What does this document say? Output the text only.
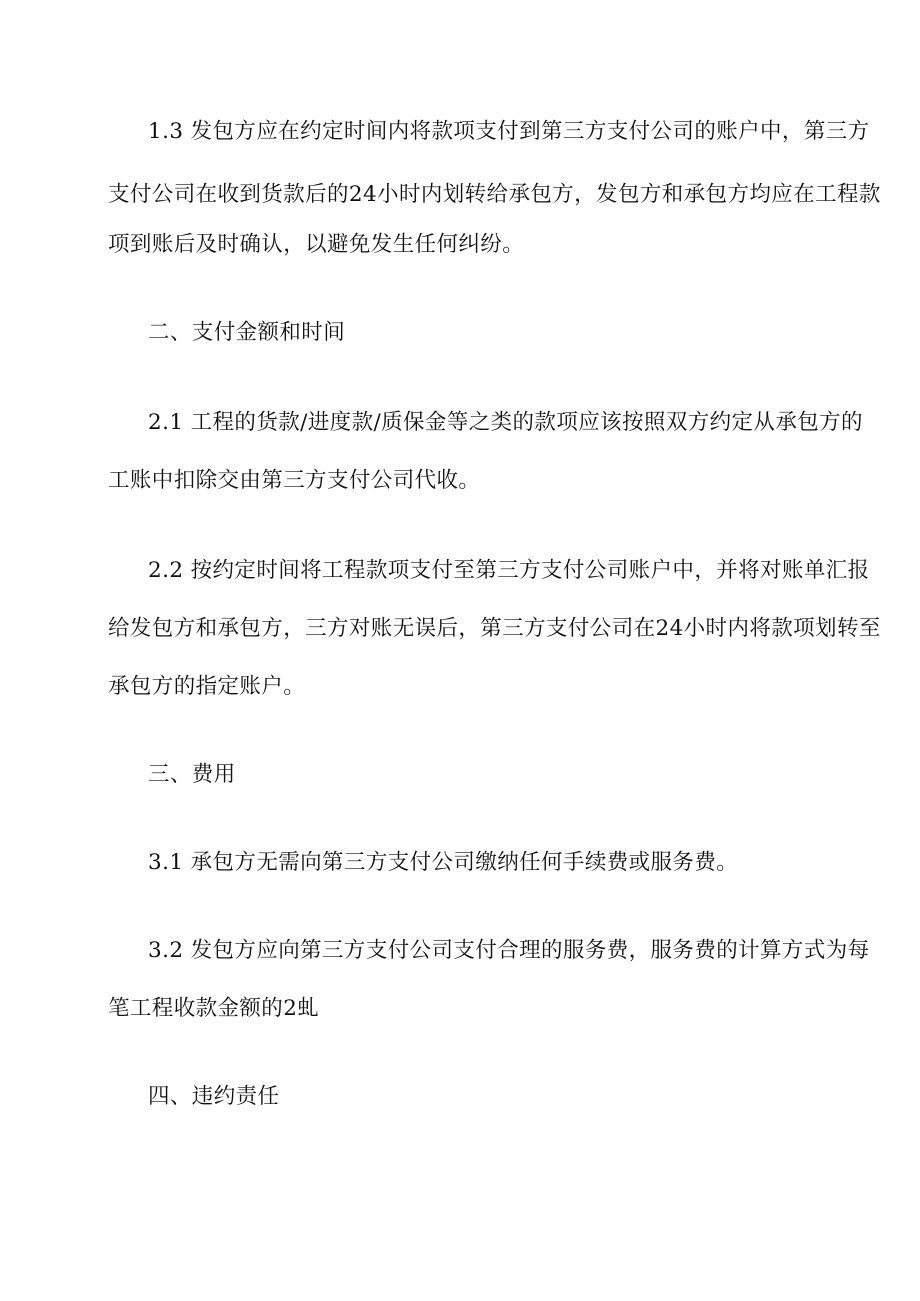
1.3 发包方应在约定时间内将款项支付到第三方支付公司的账户中，第三方
支付公司在收到货款后的24小时内划转给承包方，发包方和承包方均应在工程款
项到账后及时确认，以避免发生任何纠纷。
二、支付金额和时间
2.1 工程的货款/进度款/质保金等之类的款项应该按照双方约定从承包方的
工账中扣除交由第三方支付公司代收。
2.2 按约定时间将工程款项支付至第三方支付公司账户中，并将对账单汇报
给发包方和承包方，三方对账无误后，第三方支付公司在24小时内将款项划转至
承包方的指定账户。
三、费用
3.1 承包方无需向第三方支付公司缴纳任何手续费或服务费。
3.2 发包方应向第三方支付公司支付合理的服务费，服务费的计算方式为每
笔工程收款金额的2虬
四、违约责任
